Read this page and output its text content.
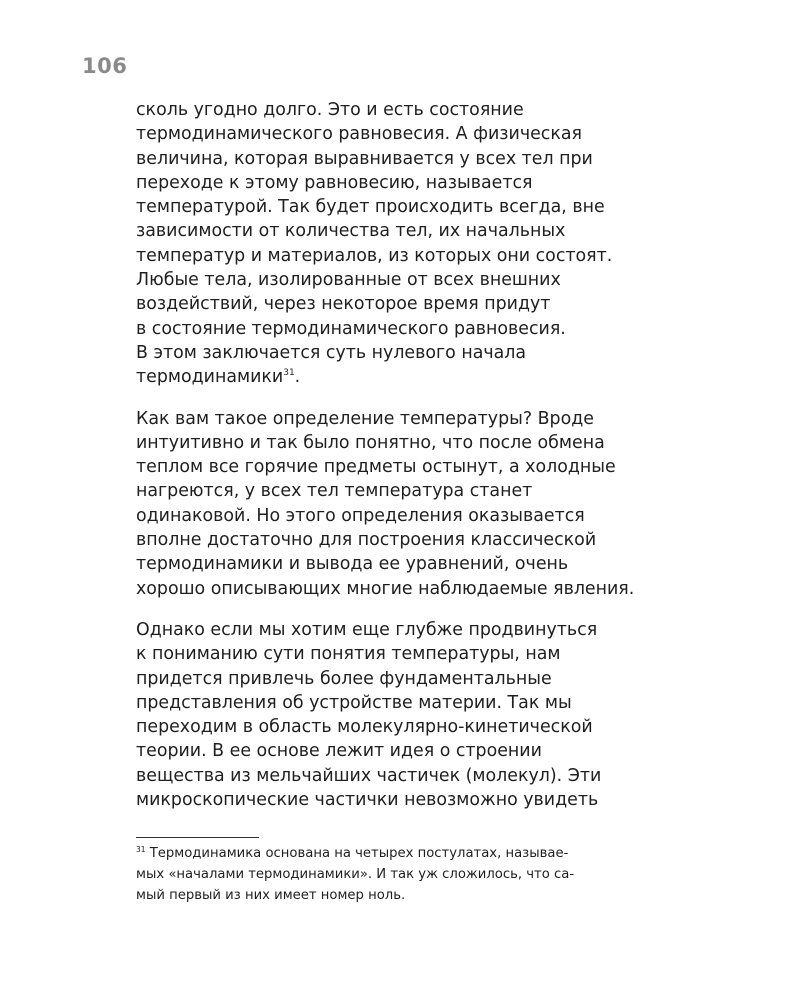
106

сколь угодно долго. Это и есть состояние
термодинамического равновесия. А физическая
величина, которая выравнивается у всех тел при
переходе к этому равновесию, называется
температурой. Так будет происходить всегда, вне
зависимости от количества тел, их начальных
температур и материалов, из которых они состоят.
Любые тела, изолированные от всех внешних
воздействий, через некоторое время придут
в состояние термодинамического равновесия.
В этом заключается суть нулевого начала
термодинамики$^{31}$.

Как вам такое определение температуры? Вроде
интуитивно и так было понятно, что после обмена
теплом все горячие предметы остынут, а холодные
нагреются, у всех тел температура станет
одинаковой. Но этого определения оказывается
вполне достаточно для построения классической
термодинамики и вывода ее уравнений, очень
хорошо описывающих многие наблюдаемые явления.

Однако если мы хотим еще глубже продвинуться
к пониманию сути понятия температуры, нам
придется привлечь более фундаментальные
представления об устройстве материи. Так мы
переходим в область молекулярно-кинетической
теории. В ее основе лежит идея о строении
вещества из мельчайших частичек (молекул). Эти
микроскопические частички невозможно увидеть

$^{31}$ Термодинамика основана на четырех постулатах, называе-
мых «началами термодинамики». И так уж сложилось, что са-
мый первый из них имеет номер ноль.
